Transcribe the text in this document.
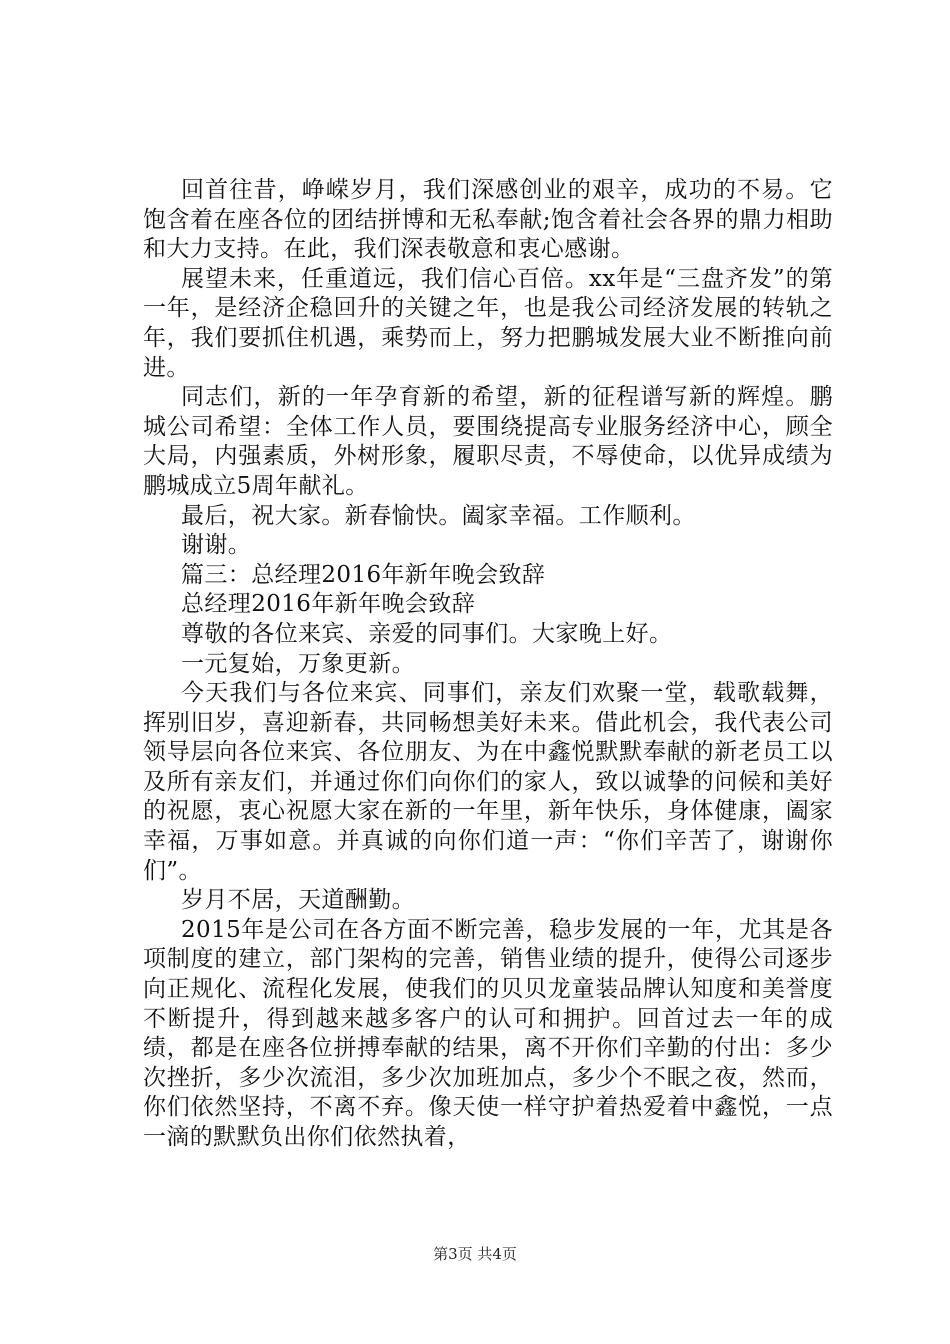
回首往昔，峥嵘岁月，我们深感创业的艰辛，成功的不易。它饱含着在座各位的团结拼博和无私奉献;饱含着社会各界的鼎力相助和大力支持。在此，我们深表敬意和衷心感谢。

展望未来，任重道远，我们信心百倍。xx年是“三盘齐发”的第一年，是经济企稳回升的关键之年，也是我公司经济发展的转轨之年，我们要抓住机遇，乘势而上，努力把鹏城发展大业不断推向前进。

同志们，新的一年孕育新的希望，新的征程谱写新的辉煌。鹏城公司希望：全体工作人员，要围绕提高专业服务经济中心，顾全大局，内强素质，外树形象，履职尽责，不辱使命，以优异成绩为鹏城成立5周年献礼。

最后，祝大家。新春愉快。阖家幸福。工作顺利。

谢谢。

篇三：总经理2016年新年晚会致辞

总经理2016年新年晚会致辞

尊敬的各位来宾、亲爱的同事们。大家晚上好。

一元复始，万象更新。

今天我们与各位来宾、同事们，亲友们欢聚一堂，载歌载舞，挥别旧岁，喜迎新春，共同畅想美好未来。借此机会，我代表公司领导层向各位来宾、各位朋友、为在中鑫悦默默奉献的新老员工以及所有亲友们，并通过你们向你们的家人，致以诚挚的问候和美好的祝愿，衷心祝愿大家在新的一年里，新年快乐，身体健康，阖家幸福，万事如意。并真诚的向你们道一声：“你们辛苦了，谢谢你们”。

岁月不居，天道酬勤。

2015年是公司在各方面不断完善，稳步发展的一年，尤其是各项制度的建立，部门架构的完善，销售业绩的提升，使得公司逐步向正规化、流程化发展，使我们的贝贝龙童装品牌认知度和美誉度不断提升，得到越来越多客户的认可和拥护。回首过去一年的成绩，都是在座各位拼搏奉献的结果，离不开你们辛勤的付出：多少次挫折，多少次流泪，多少次加班加点，多少个不眠之夜，然而，你们依然坚持，不离不弃。像天使一样守护着热爱着中鑫悦，一点一滴的默默负出你们依然执着，

第3页 共4页
